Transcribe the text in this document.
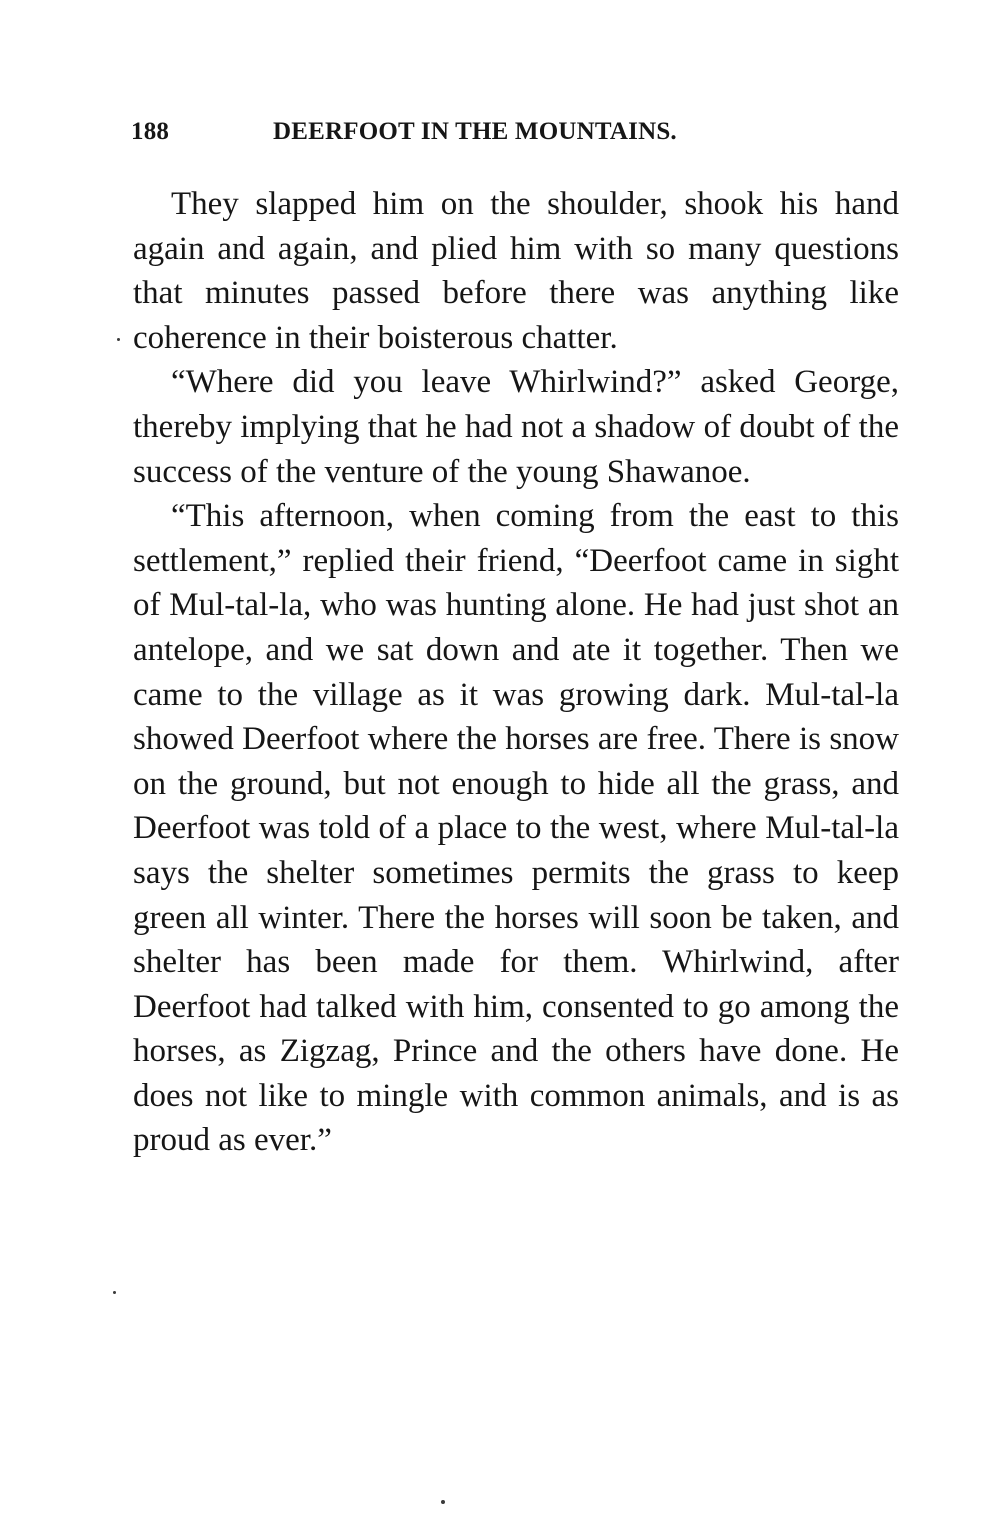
188	DEERFOOT IN THE MOUNTAINS.

They slapped him on the shoulder, shook his hand again and again, and plied him with so many questions that minutes passed before there was anything like coherence in their boisterous chatter.

“Where did you leave Whirlwind?” asked George, thereby implying that he had not a shadow of doubt of the success of the venture of the young Shawanoe.

“This afternoon, when coming from the east to this settlement,” replied their friend, “Deerfoot came in sight of Mul-tal-la, who was hunting alone. He had just shot an antelope, and we sat down and ate it together. Then we came to the village as it was growing dark. Mul-tal-la showed Deerfoot where the horses are free. There is snow on the ground, but not enough to hide all the grass, and Deerfoot was told of a place to the west, where Mul-tal-la says the shelter sometimes permits the grass to keep green all winter. There the horses will soon be taken, and shelter has been made for them. Whirlwind, after Deerfoot had talked with him, consented to go among the horses, as Zigzag, Prince and the others have done. He does not like to mingle with common animals, and is as proud as ever.”
